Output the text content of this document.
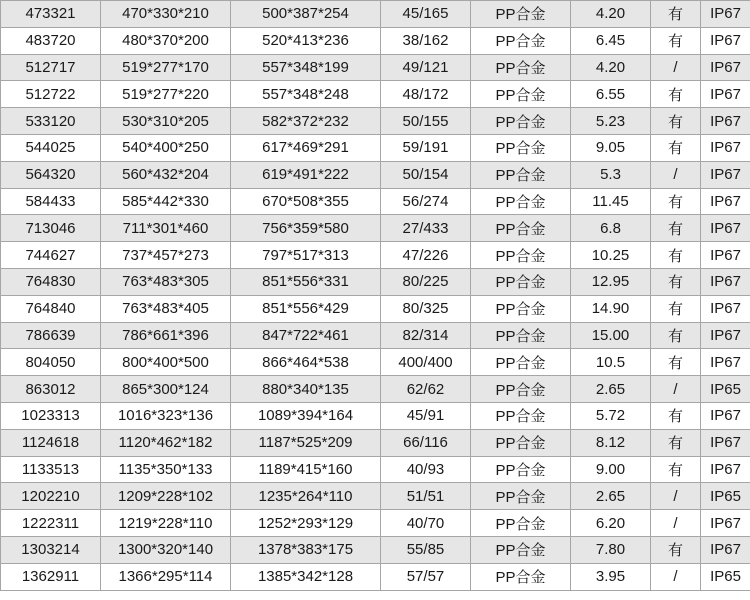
473321	470*330*210	500*387*254	45/165	PP合金	4.20	有	IP67
483720	480*370*200	520*413*236	38/162	PP合金	6.45	有	IP67
512717	519*277*170	557*348*199	49/121	PP合金	4.20	/	IP67
512722	519*277*220	557*348*248	48/172	PP合金	6.55	有	IP67
533120	530*310*205	582*372*232	50/155	PP合金	5.23	有	IP67
544025	540*400*250	617*469*291	59/191	PP合金	9.05	有	IP67
564320	560*432*204	619*491*222	50/154	PP合金	5.3	/	IP67
584433	585*442*330	670*508*355	56/274	PP合金	11.45	有	IP67
713046	711*301*460	756*359*580	27/433	PP合金	6.8	有	IP67
744627	737*457*273	797*517*313	47/226	PP合金	10.25	有	IP67
764830	763*483*305	851*556*331	80/225	PP合金	12.95	有	IP67
764840	763*483*405	851*556*429	80/325	PP合金	14.90	有	IP67
786639	786*661*396	847*722*461	82/314	PP合金	15.00	有	IP67
804050	800*400*500	866*464*538	400/400	PP合金	10.5	有	IP67
863012	865*300*124	880*340*135	62/62	PP合金	2.65	/	IP65
1023313	1016*323*136	1089*394*164	45/91	PP合金	5.72	有	IP67
1124618	1120*462*182	1187*525*209	66/116	PP合金	8.12	有	IP67
1133513	1135*350*133	1189*415*160	40/93	PP合金	9.00	有	IP67
1202210	1209*228*102	1235*264*110	51/51	PP合金	2.65	/	IP65
1222311	1219*228*110	1252*293*129	40/70	PP合金	6.20	/	IP67
1303214	1300*320*140	1378*383*175	55/85	PP合金	7.80	有	IP67
1362911	1366*295*114	1385*342*128	57/57	PP合金	3.95	/	IP65
